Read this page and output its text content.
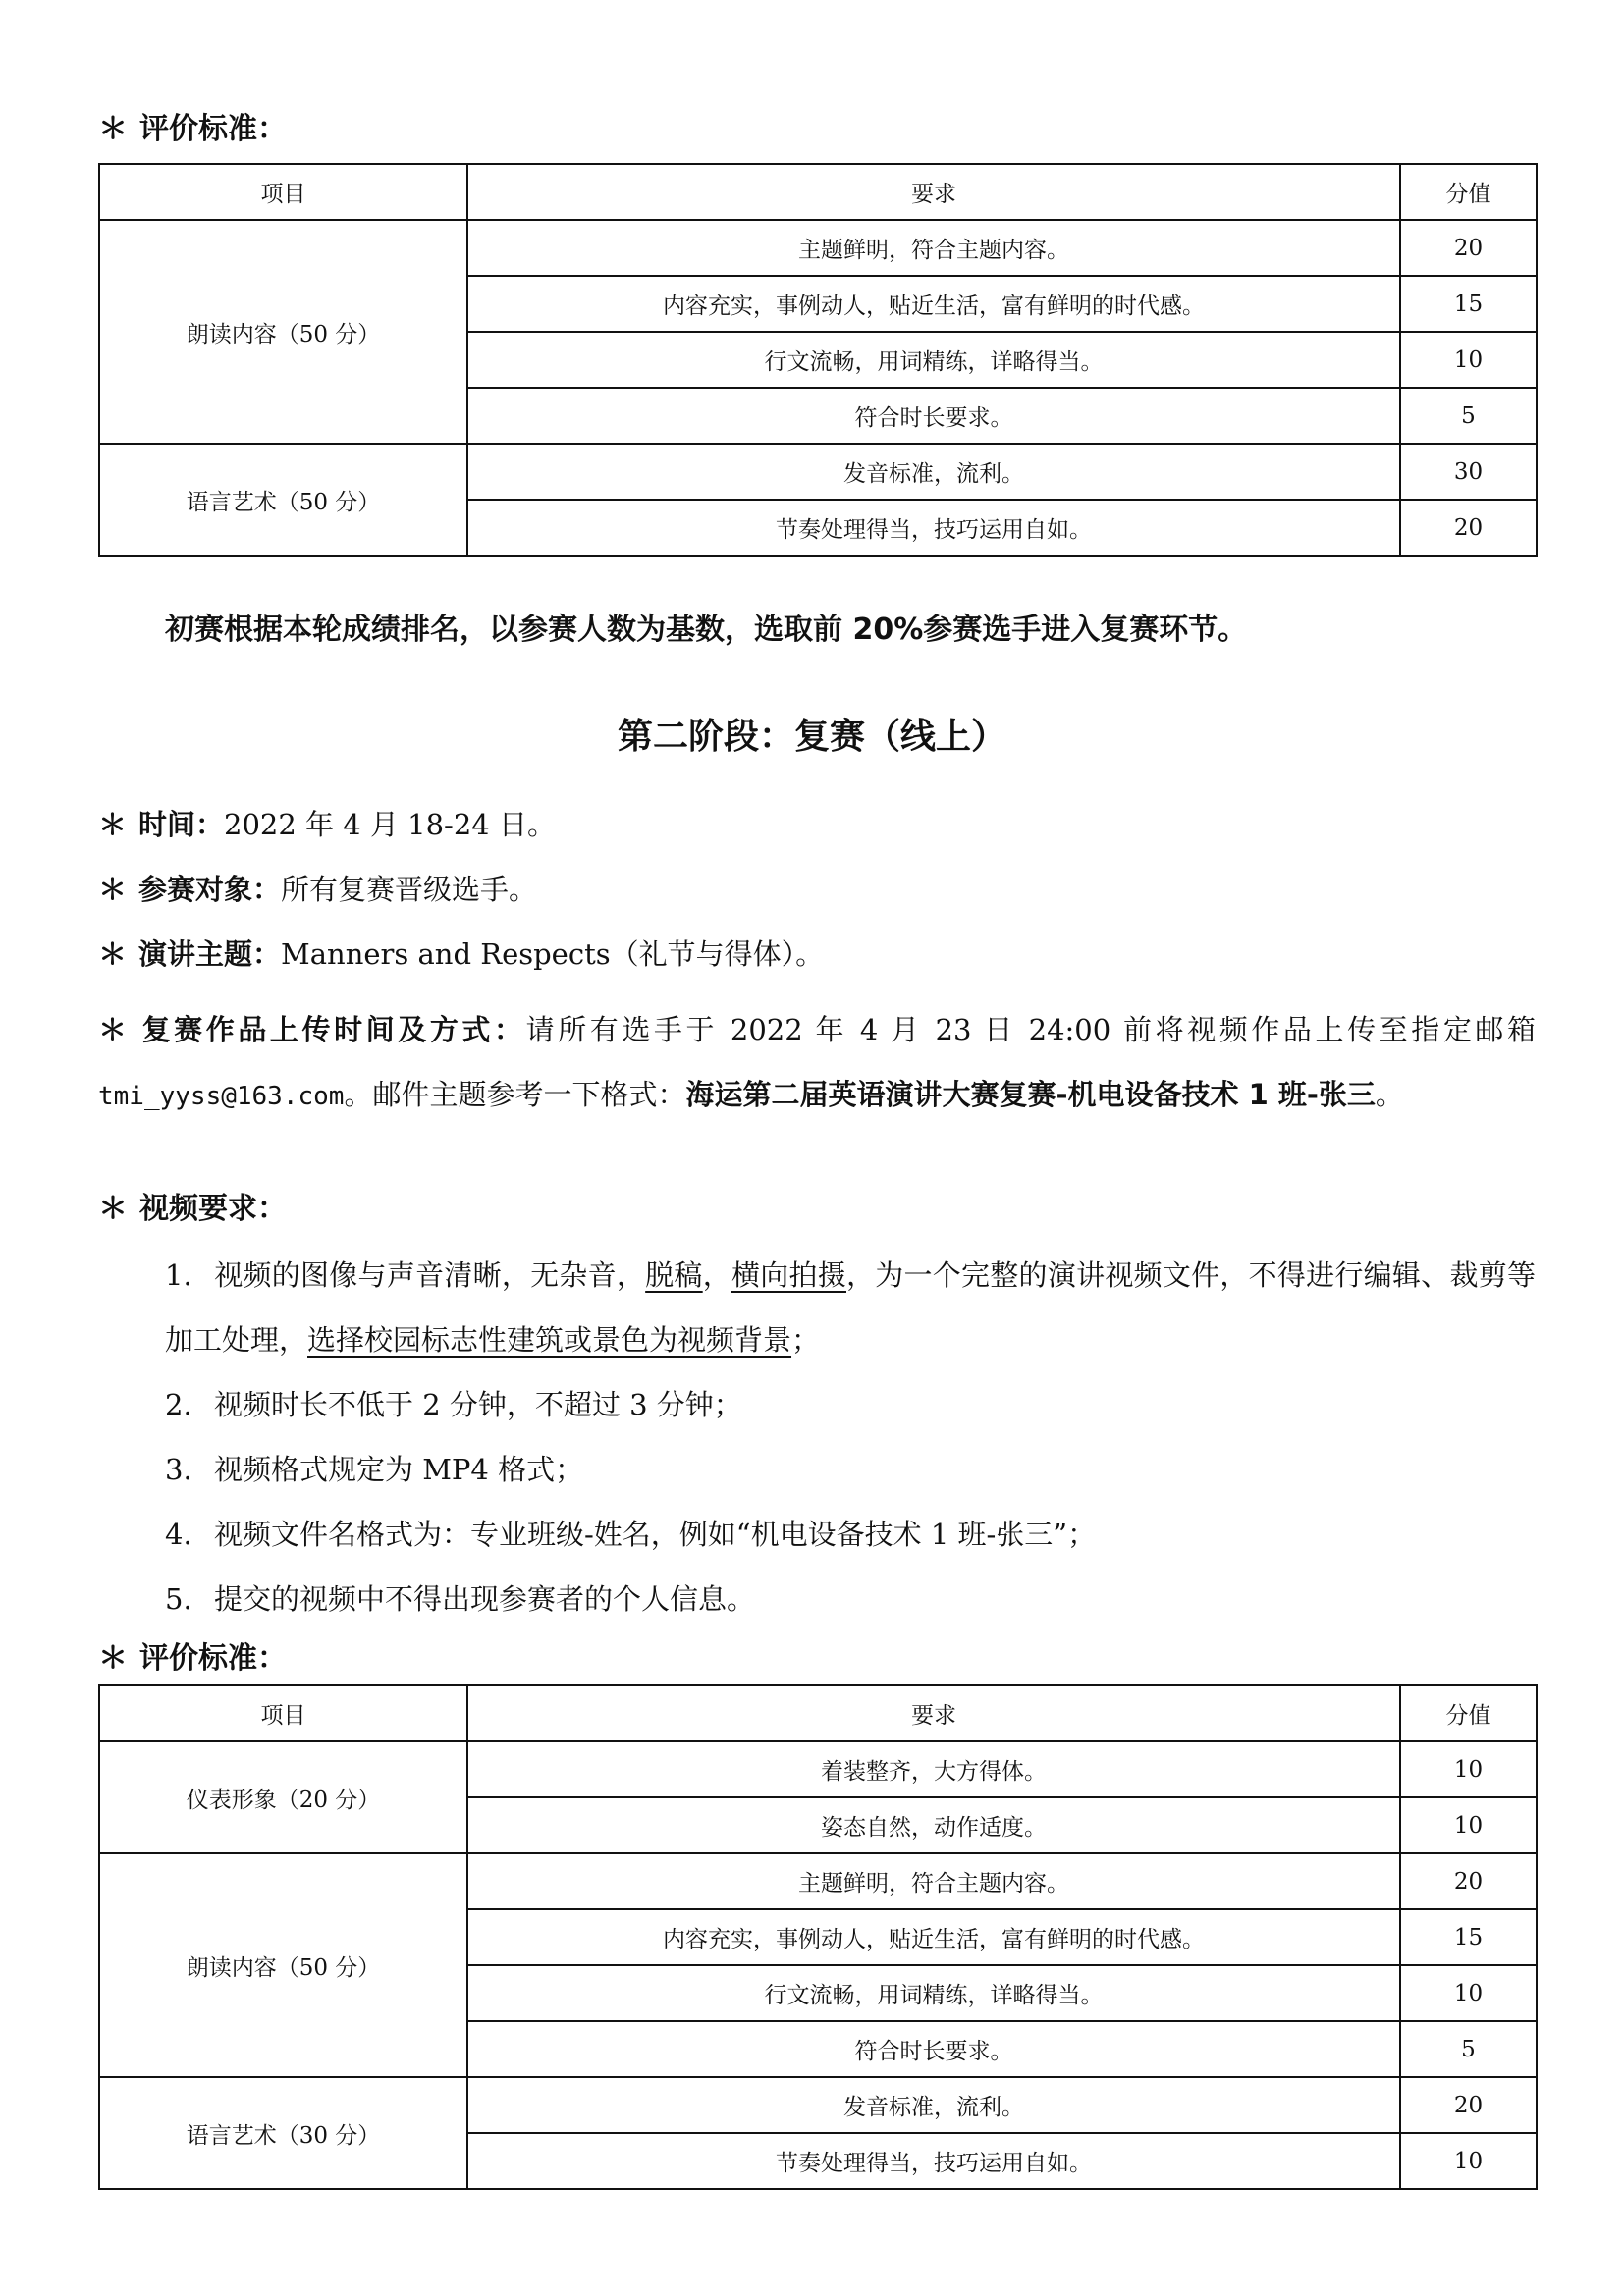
＊ 评价标准：
项目	要求	分值
朗读内容（50 分）	主题鲜明，符合主题内容。	20
	内容充实，事例动人，贴近生活，富有鲜明的时代感。	15
	行文流畅，用词精练，详略得当。	10
	符合时长要求。	5
语言艺术（50 分）	发音标准，流利。	30
	节奏处理得当，技巧运用自如。	20
初赛根据本轮成绩排名，以参赛人数为基数，选取前 20%参赛选手进入复赛环节。
第二阶段：复赛（线上）
＊ 时间：2022 年 4 月 18-24 日。
＊ 参赛对象：所有复赛晋级选手。
＊ 演讲主题：Manners and Respects（礼节与得体）。
＊ 复赛作品上传时间及方式：请所有选手于 2022 年 4 月 23 日 24:00 前将视频作品上传至指定邮箱 tmi_yyss@163.com。邮件主题参考一下格式：海运第二届英语演讲大赛复赛-机电设备技术 1 班-张三。
＊ 视频要求：
1. 视频的图像与声音清晰，无杂音，脱稿，横向拍摄，为一个完整的演讲视频文件，不得进行编辑、裁剪等加工处理，选择校园标志性建筑或景色为视频背景；
2. 视频时长不低于 2 分钟，不超过 3 分钟；
3. 视频格式规定为 MP4 格式；
4. 视频文件名格式为：专业班级-姓名，例如“机电设备技术 1 班-张三”；
5. 提交的视频中不得出现参赛者的个人信息。
＊ 评价标准：
项目	要求	分值
仪表形象（20 分）	着装整齐，大方得体。	10
	姿态自然，动作适度。	10
朗读内容（50 分）	主题鲜明，符合主题内容。	20
	内容充实，事例动人，贴近生活，富有鲜明的时代感。	15
	行文流畅，用词精练，详略得当。	10
	符合时长要求。	5
语言艺术（30 分）	发音标准，流利。	20
	节奏处理得当，技巧运用自如。	10
